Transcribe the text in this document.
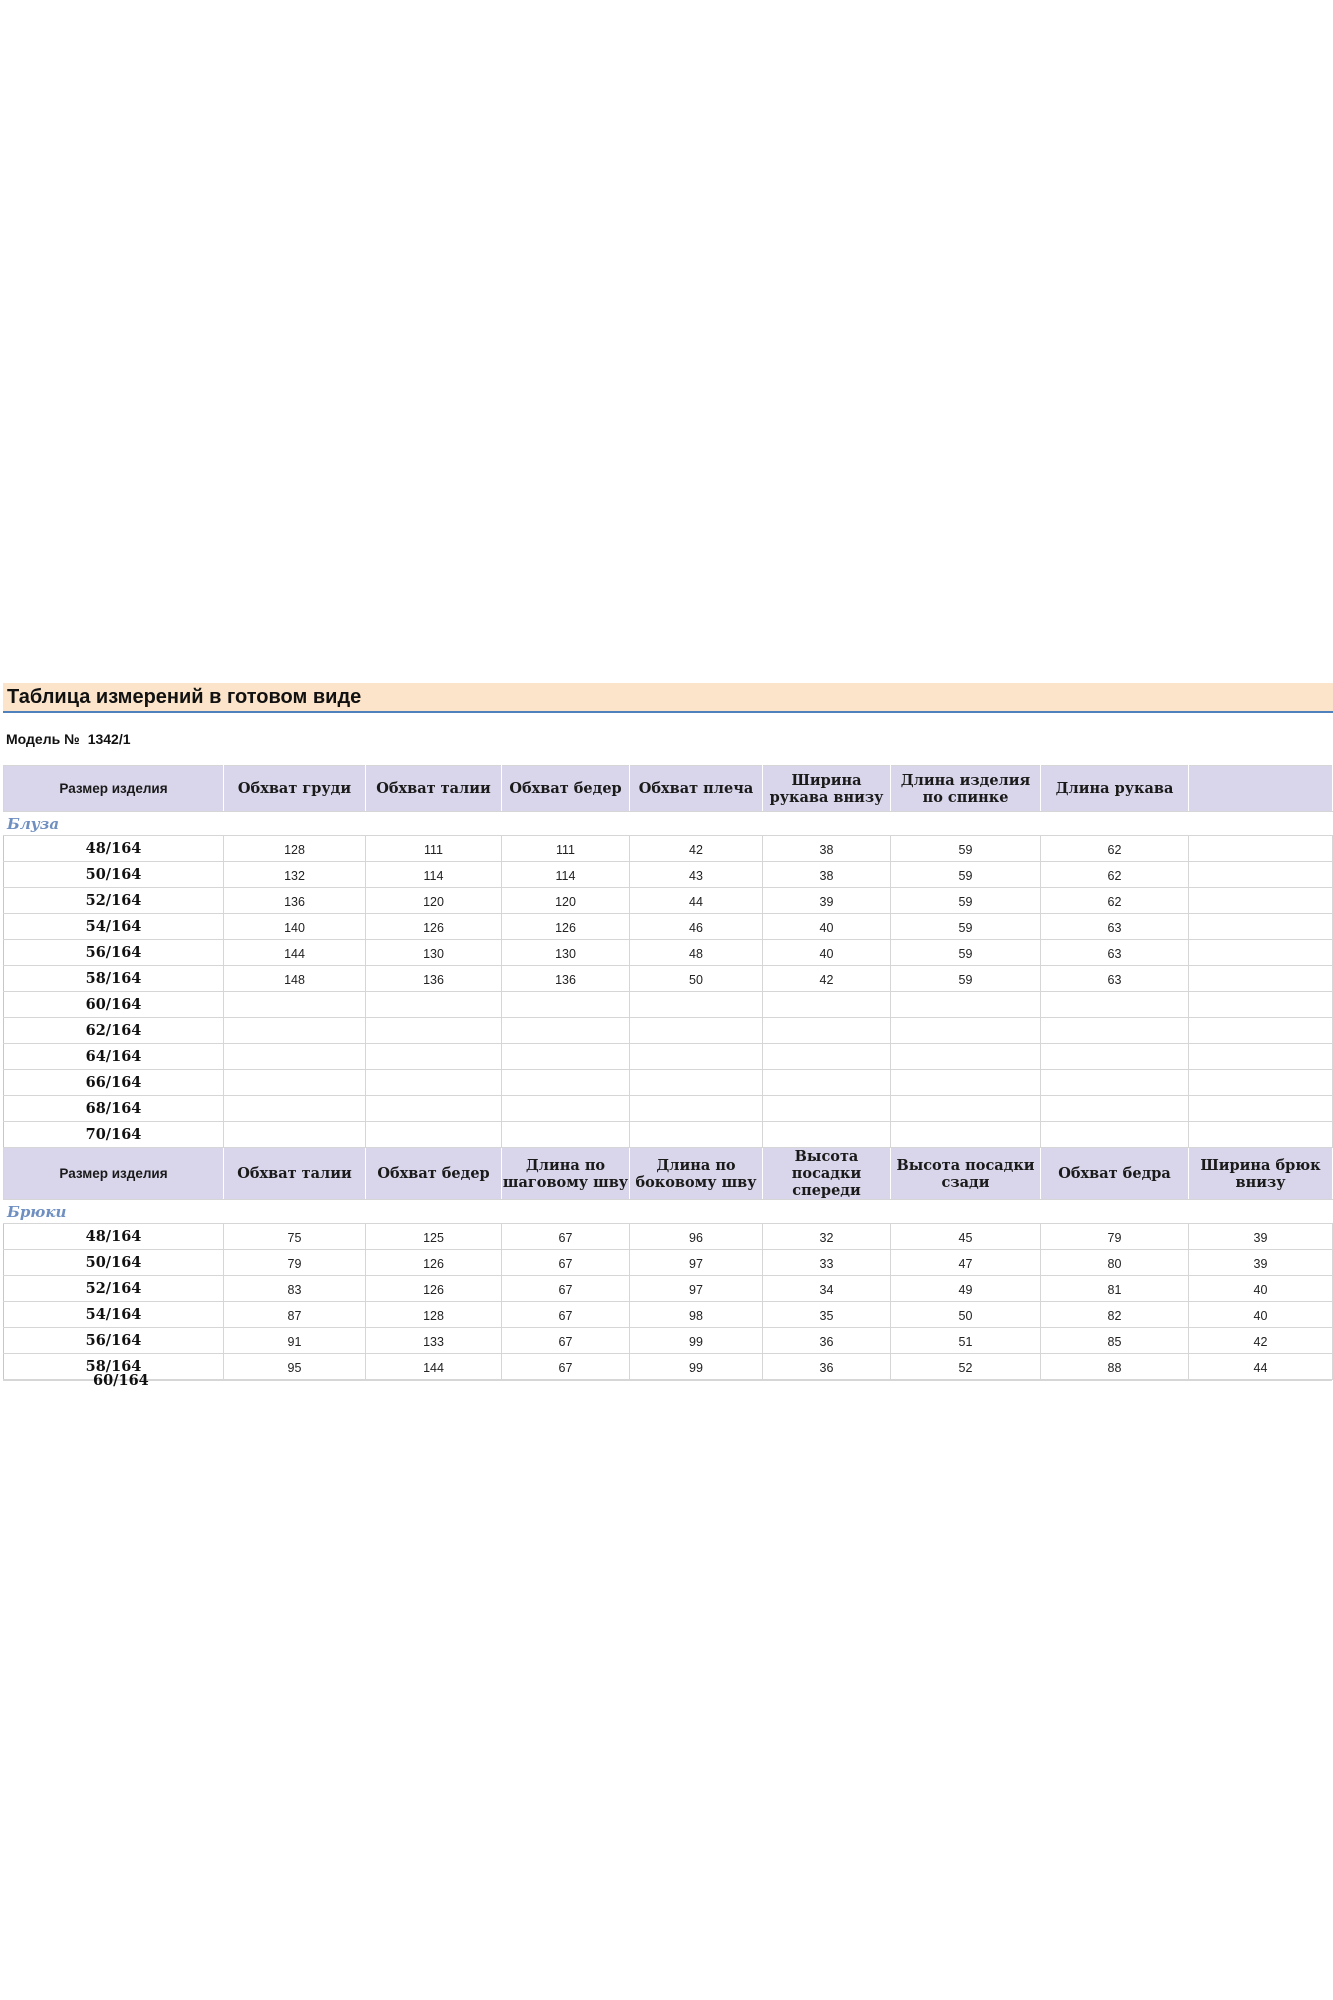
Таблица измерений в готовом виде
Модель № 1342/1
Размер изделия	Обхват груди	Обхват талии	Обхват бедер	Обхват плеча	Ширина рукава внизу	Длина изделия по спинке	Длина рукава	
Блуза								
48/164	128	111	111	42	38	59	62	
50/164	132	114	114	43	38	59	62	
52/164	136	120	120	44	39	59	62	
54/164	140	126	126	46	40	59	63	
56/164	144	130	130	48	40	59	63	
58/164	148	136	136	50	42	59	63	
60/164								
62/164								
64/164								
66/164								
68/164								
70/164								
Размер изделия	Обхват талии	Обхват бедер	Длина по шаговому шву	Длина по боковому шву	Высота посадки спереди	Высота посадки сзади	Обхват бедра	Ширина брюк внизу
Брюки								
48/164	75	125	67	96	32	45	79	39
50/164	79	126	67	97	33	47	80	39
52/164	83	126	67	97	34	49	81	40
54/164	87	128	67	98	35	50	82	40
56/164	91	133	67	99	36	51	85	42
58/164	95	144	67	99	36	52	88	44
60/164
